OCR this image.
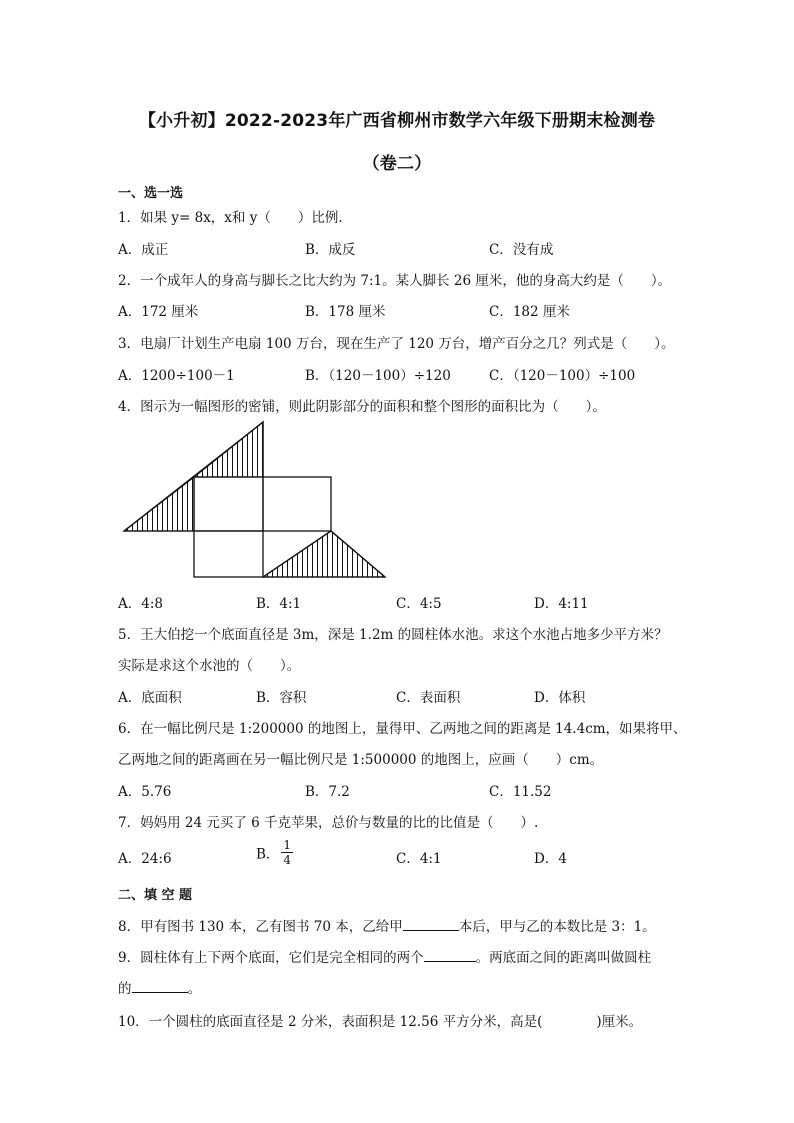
【小升初】2022-2023年广西省柳州市数学六年级下册期末检测卷
（卷二）
一、选一选
1．如果 y= 8x，x和 y（　　）比例.
A．成正	B．成反	C．没有成
2．一个成年人的身高与脚长之比大约为 7:1。某人脚长 26 厘米，他的身高大约是（　　）。
A．172 厘米	B．178 厘米	C．182 厘米
3．电扇厂计划生产电扇 100 万台，现在生产了 120 万台，增产百分之几？列式是（　　）。
A．1200÷100－1	B．（120－100）÷120	C．（120－100）÷100
4．图示为一幅图形的密铺，则此阴影部分的面积和整个图形的面积比为（　　）。
A．4:8	B．4:1	C．4:5	D．4:11
5．王大伯挖一个底面直径是 3m，深是 1.2m 的圆柱体水池。求这个水池占地多少平方米？
实际是求这个水池的（　　）。
A．底面积	B．容积	C．表面积	D．体积
6．在一幅比例尺是 1:200000 的地图上，量得甲、乙两地之间的距离是 14.4cm，如果将甲、
乙两地之间的距离画在另一幅比例尺是 1:500000 的地图上，应画（　　）cm。
A．5.76	B．7.2	C．11.52
7．妈妈用 24 元买了 6 千克苹果，总价与数量的比的比值是（　　）.
A．24:6	B． $\frac{1}{4}$	C．4:1	D．4
二、填 空 题
8．甲有图书 130 本，乙有图书 70 本，乙给甲	本后，甲与乙的本数比是 3：1。
9．圆柱体有上下两个底面，它们是完全相同的两个	。两底面之间的距离叫做圆柱
的	。
10．一个圆柱的底面直径是 2 分米，表面积是 12.56 平方分米，高是(　　　　)厘米。
